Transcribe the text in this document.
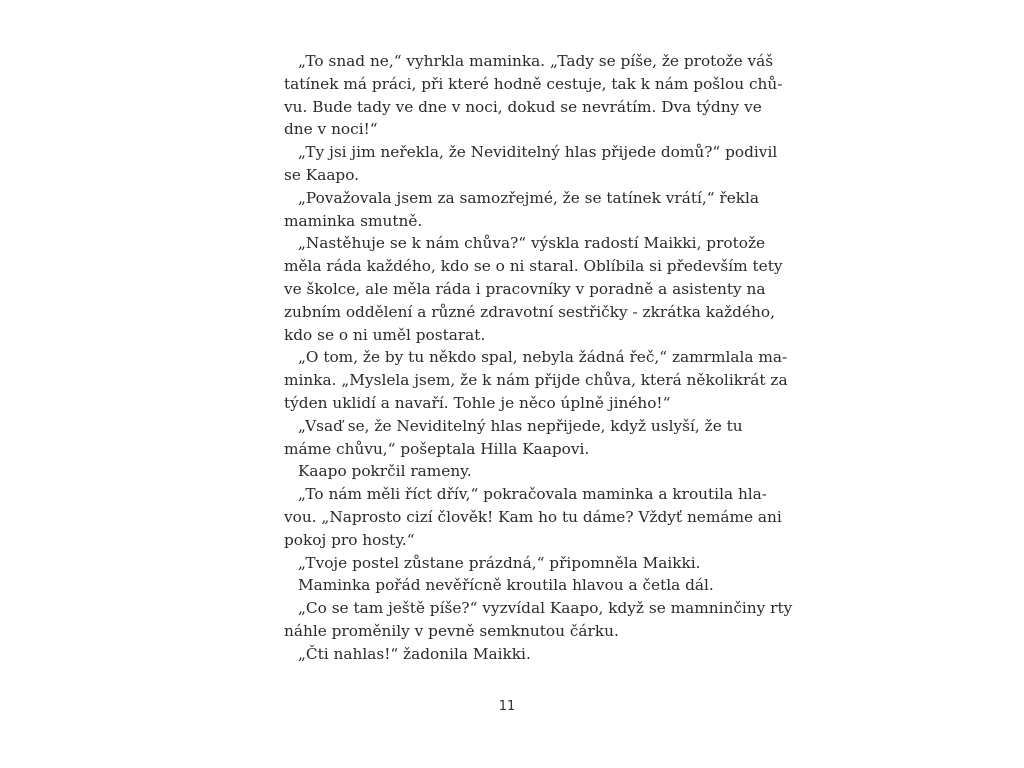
„To snad ne,“ vyhrkla maminka. „Tady se píše, že protože váš
tatínek má práci, při které hodně cestuje, tak k nám pošlou chů-
vu. Bude tady ve dne v noci, dokud se nevrátím. Dva týdny ve
dne v noci!“
„Ty jsi jim neřekla, že Neviditelný hlas přijede domů?“ podivil
se Kaapo.
„Považovala jsem za samozřejmé, že se tatínek vrátí,“ řekla
maminka smutně.
„Nastěhuje se k nám chůva?“ výskla radostí Maikki, protože
měla ráda každého, kdo se o ni staral. Oblíbila si především tety
ve školce, ale měla ráda i pracovníky v poradně a asistenty na
zubním oddělení a různé zdravotní sestřičky - zkrátka každého,
kdo se o ni uměl postarat.
„O tom, že by tu někdo spal, nebyla žádná řeč,“ zamrmlala ma-
minka. „Myslela jsem, že k nám přijde chůva, která několikrát za
týden uklidí a navaří. Tohle je něco úplně jiného!“
„Vsaď se, že Neviditelný hlas nepřijede, když uslyší, že tu
máme chůvu,“ pošeptala Hilla Kaapovi.
Kaapo pokrčil rameny.
„To nám měli říct dřív,“ pokračovala maminka a kroutila hla-
vou. „Naprosto cizí člověk! Kam ho tu dáme? Vždyť nemáme ani
pokoj pro hosty.“
„Tvoje postel zůstane prázdná,“ připomněla Maikki.
Maminka pořád nevěřícně kroutila hlavou a četla dál.
„Co se tam ještě píše?“ vyzvídal Kaapo, když se mamninčiny rty
náhle proměnily v pevně semknutou čárku.
„Čti nahlas!“ žadonila Maikki.
11
